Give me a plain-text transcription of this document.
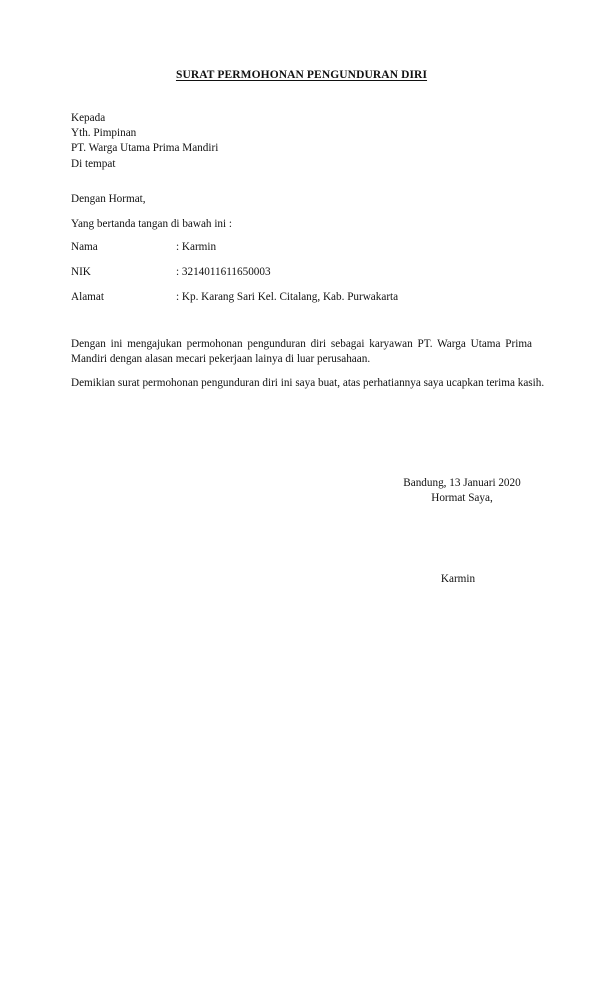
SURAT PERMOHONAN PENGUNDURAN DIRI
Kepada
Yth. Pimpinan
PT. Warga Utama Prima Mandiri
Di tempat
Dengan Hormat,
Yang bertanda tangan di bawah ini :
Nama	: Karmin
NIK	: 3214011611650003
Alamat	: Kp. Karang Sari Kel. Citalang, Kab. Purwakarta
Dengan ini mengajukan permohonan pengunduran diri sebagai karyawan PT. Warga Utama Prima Mandiri dengan alasan mecari pekerjaan lainya di luar perusahaan.
Demikian surat permohonan pengunduran diri ini saya buat, atas perhatiannya saya ucapkan terima kasih.
Bandung, 13 Januari 2020
Hormat Saya,
Karmin
